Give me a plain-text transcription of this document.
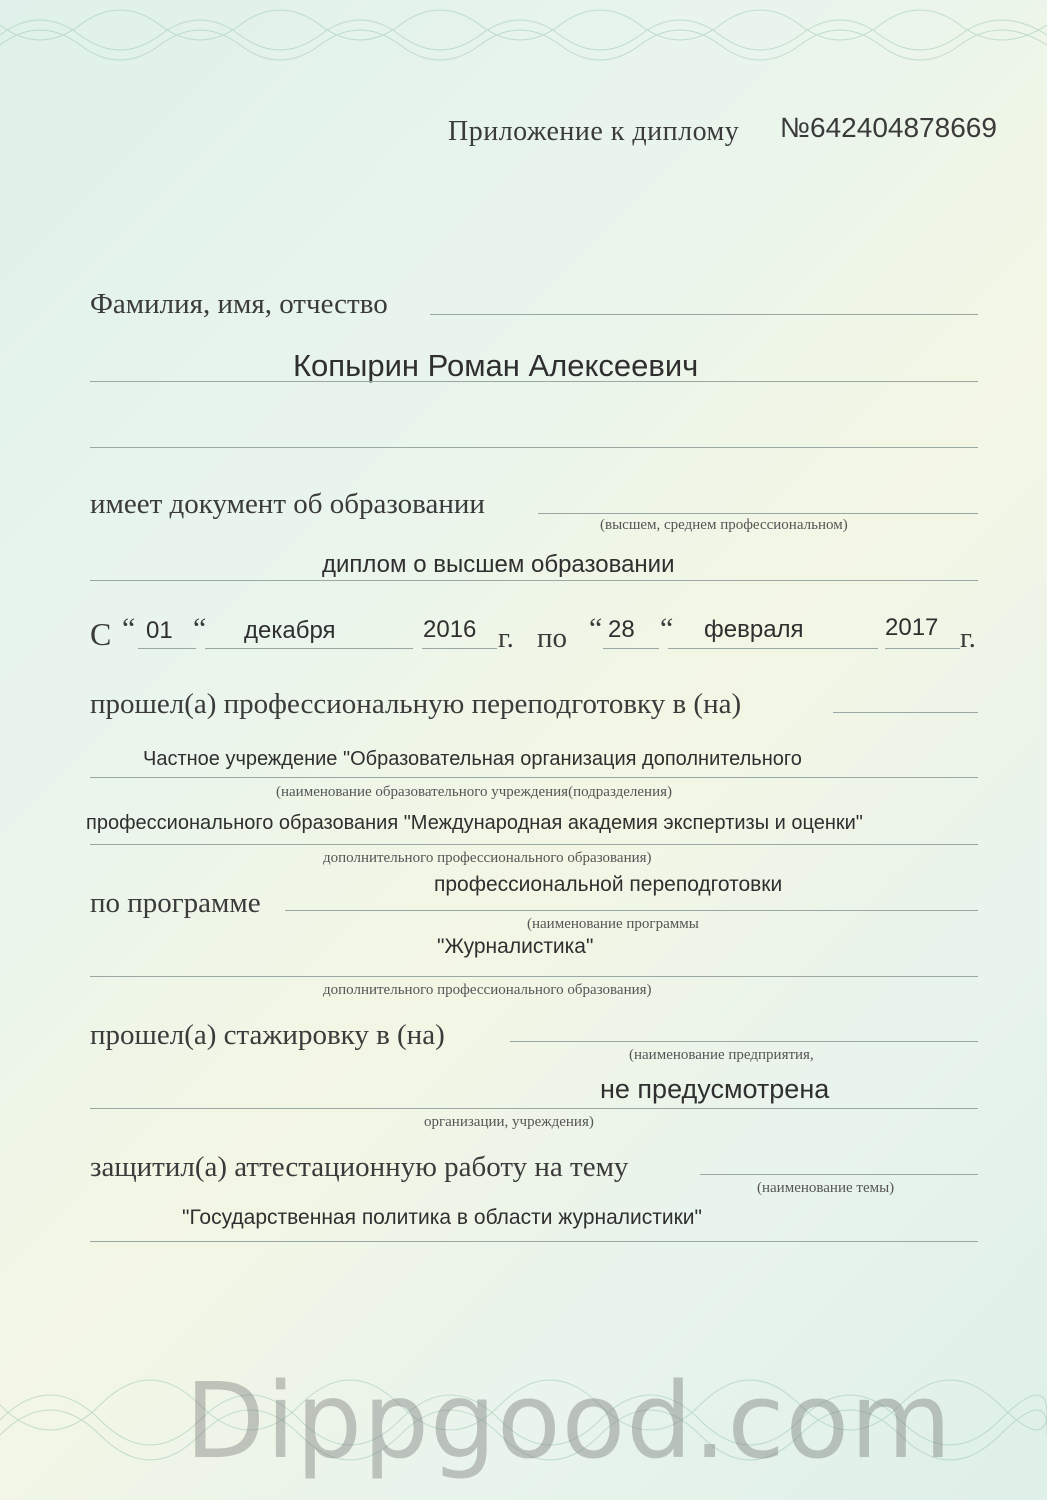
Приложение к диплому №642404878669
Фамилия, имя, отчество
Копырин Роман Алексеевич
имеет документ об образовании
(высшем, среднем профессиональном)
диплом о высшем образовании
С “ 01 “ декабря	2016 г. по “ 28 “ февраля	2017 г.
прошел(а) профессиональную переподготовку в (на)
Частное учреждение "Образовательная организация дополнительного
(наименование образовательного учреждения(подразделения)
профессионального образования "Международная академия экспертизы и оценки"
дополнительного профессионального образования)
профессиональной переподготовки
по программе
(наименование программы
"Журналистика"
дополнительного профессионального образования)
прошел(а) стажировку в (на)
(наименование предприятия,
не предусмотрена
организации, учреждения)
защитил(а) аттестационную работу на тему
(наименование темы)
"Государственная политика в области журналистики"
Dippgood.com
